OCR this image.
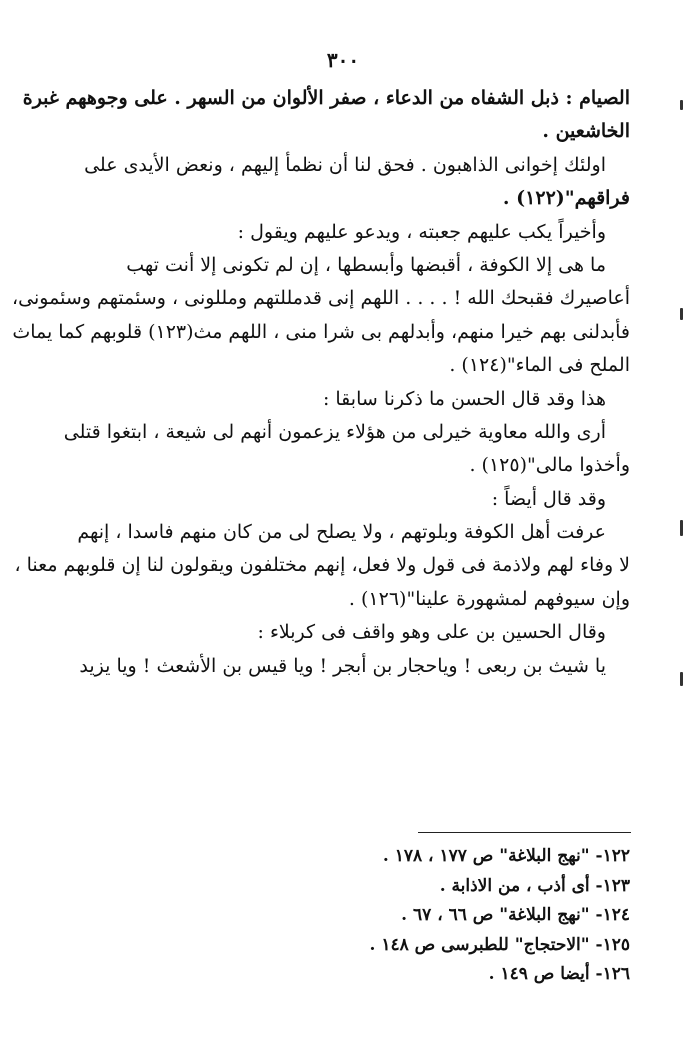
٣٠٠

الصيام : ذبل الشفاه من الدعاء ، صفر الألوان من السهر . على وجوههم غبرة

الخاشعين .

اولئك إخوانى الذاهبون . فحق لنا أن نظمأ إليهم ، ونعض الأيدى على

فراقهم"(١٢٢) .

وأخيراً يكب عليهم جعبته ، ويدعو عليهم ويقول :

ما هى إلا الكوفة ، أقبضها وأبسطها ، إن لم تكونى إلا أنت تهب

أعاصيرك فقبحك الله ! . . . . اللهم إنى قدمللتهم ومللونى ، وسئمتهم وسئمونى،

فأبدلنى بهم خيرا منهم، وأبدلهم بى شرا منى ، اللهم مث(١٢٣) قلوبهم كما يماث

الملح فى الماء"(١٢٤) .

هذا وقد قال الحسن ما ذكرنا سابقا :

أرى والله معاوية خيرلى من هؤلاء يزعمون أنهم لى شيعة ، ابتغوا قتلى

وأخذوا مالى"(١٢٥) .

وقد قال أيضاً :

عرفت أهل الكوفة وبلوتهم ، ولا يصلح لى من كان منهم فاسدا ، إنهم

لا وفاء لهم ولاذمة فى قول ولا فعل، إنهم مختلفون ويقولون لنا إن قلوبهم معنا ،

وإن سيوفهم لمشهورة علينا"(١٢٦) .

وقال الحسين بن على وهو واقف فى كربلاء :

يا شيث بن ربعى ! وياحجار بن أبجر ! ويا قيس بن الأشعث ! ويا يزيد

١٢٢- "نهج البلاغة" ص ١٧٧ ، ١٧٨ .

١٢٣- أى أذب ، من الاذابة .

١٢٤- "نهج البلاغة" ص ٦٦ ، ٦٧ .

١٢٥- "الاحتجاج" للطبرسى ص ١٤٨ .

١٢٦- أيضا ص ١٤٩ .
